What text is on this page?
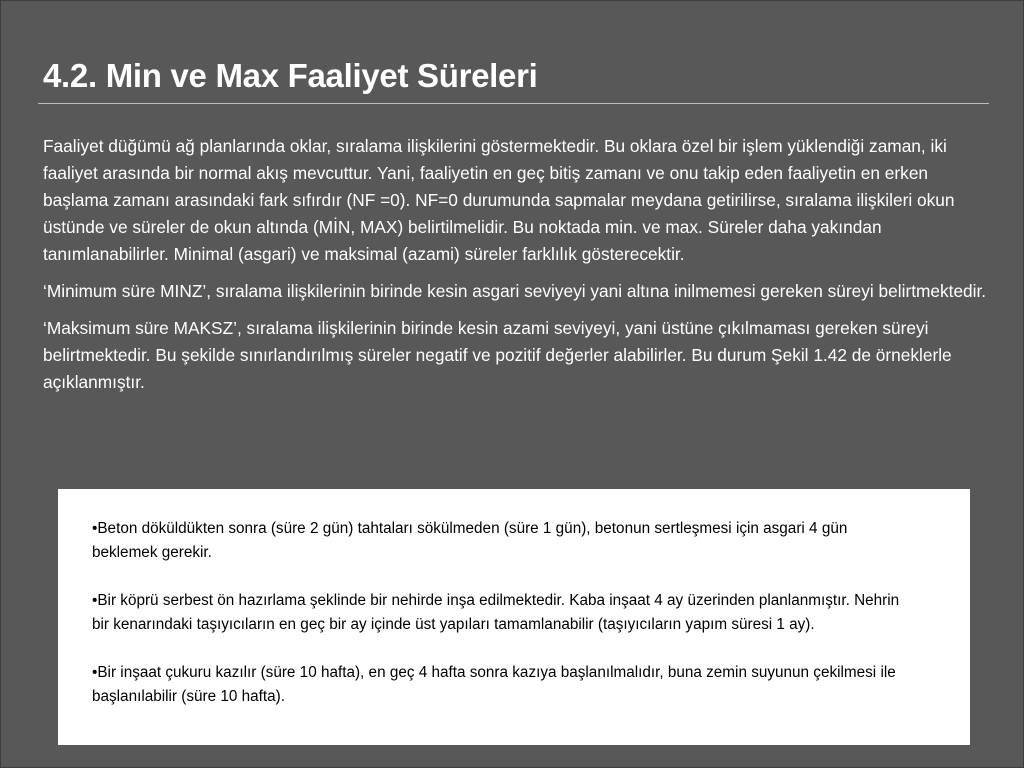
4.2. Min ve Max Faaliyet Süreleri

Faaliyet düğümü ağ planlarında oklar, sıralama ilişkilerini göstermektedir. Bu oklara özel bir işlem yüklendiği zaman, iki faaliyet arasında bir normal akış mevcuttur. Yani, faaliyetin en geç bitiş zamanı ve onu takip eden faaliyetin en erken başlama zamanı arasındaki fark sıfırdır (NF =0). NF=0 durumunda sapmalar meydana getirilirse, sıralama ilişkileri okun üstünde ve süreler de okun altında (MİN, MAX) belirtilmelidir. Bu noktada min. ve max. Süreler daha yakından tanımlanabilirler. Minimal (asgari) ve maksimal (azami) süreler farklılık gösterecektir.

‘Minimum süre MINZ’, sıralama ilişkilerinin birinde kesin asgari seviyeyi yani altına inilmemesi gereken süreyi belirtmektedir.

‘Maksimum süre MAKSZ’, sıralama ilişkilerinin birinde kesin azami seviyeyi, yani üstüne çıkılmaması gereken süreyi belirtmektedir. Bu şekilde sınırlandırılmış süreler negatif ve pozitif değerler alabilirler. Bu durum Şekil 1.42 de örneklerle açıklanmıştır.

•Beton döküldükten sonra (süre 2 gün) tahtaları sökülmeden (süre 1 gün), betonun sertleşmesi için asgari 4 gün beklemek gerekir.

•Bir köprü serbest ön hazırlama şeklinde bir nehirde inşa edilmektedir. Kaba inşaat 4 ay üzerinden planlanmıştır. Nehrin bir kenarındaki taşıyıcıların en geç bir ay içinde üst yapıları tamamlanabilir (taşıyıcıların yapım süresi 1 ay).

•Bir inşaat çukuru kazılır (süre 10 hafta), en geç 4 hafta sonra kazıya başlanılmalıdır, buna zemin suyunun çekilmesi ile başlanılabilir (süre 10 hafta).
